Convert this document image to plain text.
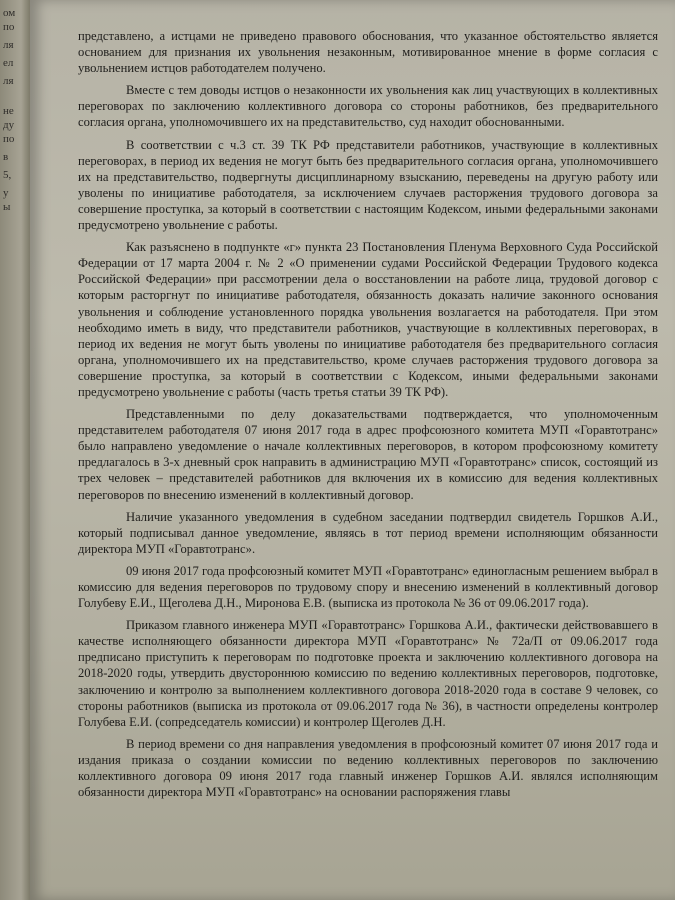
ом
по
ля
ел
ля
не
ду
по
в
5,
у
ы

представлено, а истцами не приведено правового обоснования, что указанное обстоятельство является основанием для признания их увольнения незаконным, мотивированное мнение в форме согласия с увольнением истцов работодателем получено.

Вместе с тем доводы истцов о незаконности их увольнения как лиц участвующих в коллективных переговорах по заключению коллективного договора со стороны работников, без предварительного согласия органа, уполномочившего их на представительство, суд находит обоснованными.

В соответствии с ч.3 ст. 39 ТК РФ представители работников, участвующие в коллективных переговорах, в период их ведения не могут быть без предварительного согласия органа, уполномочившего их на представительство, подвергнуты дисциплинарному взысканию, переведены на другую работу или уволены по инициативе работодателя, за исключением случаев расторжения трудового договора за совершение проступка, за который в соответствии с настоящим Кодексом, иными федеральными законами предусмотрено увольнение с работы.

Как разъяснено в подпункте «г» пункта 23 Постановления Пленума Верховного Суда Российской Федерации от 17 марта 2004 г. № 2 «О применении судами Российской Федерации Трудового кодекса Российской Федерации» при рассмотрении дела о восстановлении на работе лица, трудовой договор с которым расторгнут по инициативе работодателя, обязанность доказать наличие законного основания увольнения и соблюдение установленного порядка увольнения возлагается на работодателя. При этом необходимо иметь в виду, что представители работников, участвующие в коллективных переговорах, в период их ведения не могут быть уволены по инициативе работодателя без предварительного согласия органа, уполномочившего их на представительство, кроме случаев расторжения трудового договора за совершение проступка, за который в соответствии с Кодексом, иными федеральными законами предусмотрено увольнение с работы (часть третья статьи 39 ТК РФ).

Представленными по делу доказательствами подтверждается, что уполномоченным представителем работодателя 07 июня 2017 года в адрес профсоюзного комитета МУП «Горавтотранс» было направлено уведомление о начале коллективных переговоров, в котором профсоюзному комитету предлагалось в 3-х дневный срок направить в администрацию МУП «Горавтотранс» список, состоящий из трех человек – представителей работников для включения их в комиссию для ведения коллективных переговоров по внесению изменений в коллективный договор.

Наличие указанного уведомления в судебном заседании подтвердил свидетель Горшков А.И., который подписывал данное уведомление, являясь в тот период времени исполняющим обязанности директора МУП «Горавтотранс».

09 июня 2017 года профсоюзный комитет МУП «Горавтотранс» единогласным решением выбрал в комиссию для ведения переговоров по трудовому спору и внесению изменений в коллективный договор Голубеву Е.И., Щеголева Д.Н., Миронова Е.В. (выписка из протокола № 36 от 09.06.2017 года).

Приказом главного инженера МУП «Горавтотранс» Горшкова А.И., фактически действовавшего в качестве исполняющего обязанности директора МУП «Горавтотранс» № 72а/П от 09.06.2017 года предписано приступить к переговорам по подготовке проекта и заключению коллективного договора на 2018-2020 годы, утвердить двустороннюю комиссию по ведению коллективных переговоров, подготовке, заключению и контролю за выполнением коллективного договора 2018-2020 года в составе 9 человек, со стороны работников (выписка из протокола от 09.06.2017 года № 36), в частности определены контролер Голубева Е.И. (сопредседатель комиссии) и контролер Щеголев Д.Н.

В период времени со дня направления уведомления в профсоюзный комитет 07 июня 2017 года и издания приказа о создании комиссии по ведению коллективных переговоров по заключению коллективного договора 09 июня 2017 года главный инженер Горшков А.И. являлся исполняющим обязанности директора МУП «Горавтотранс» на основании распоряжения главы
